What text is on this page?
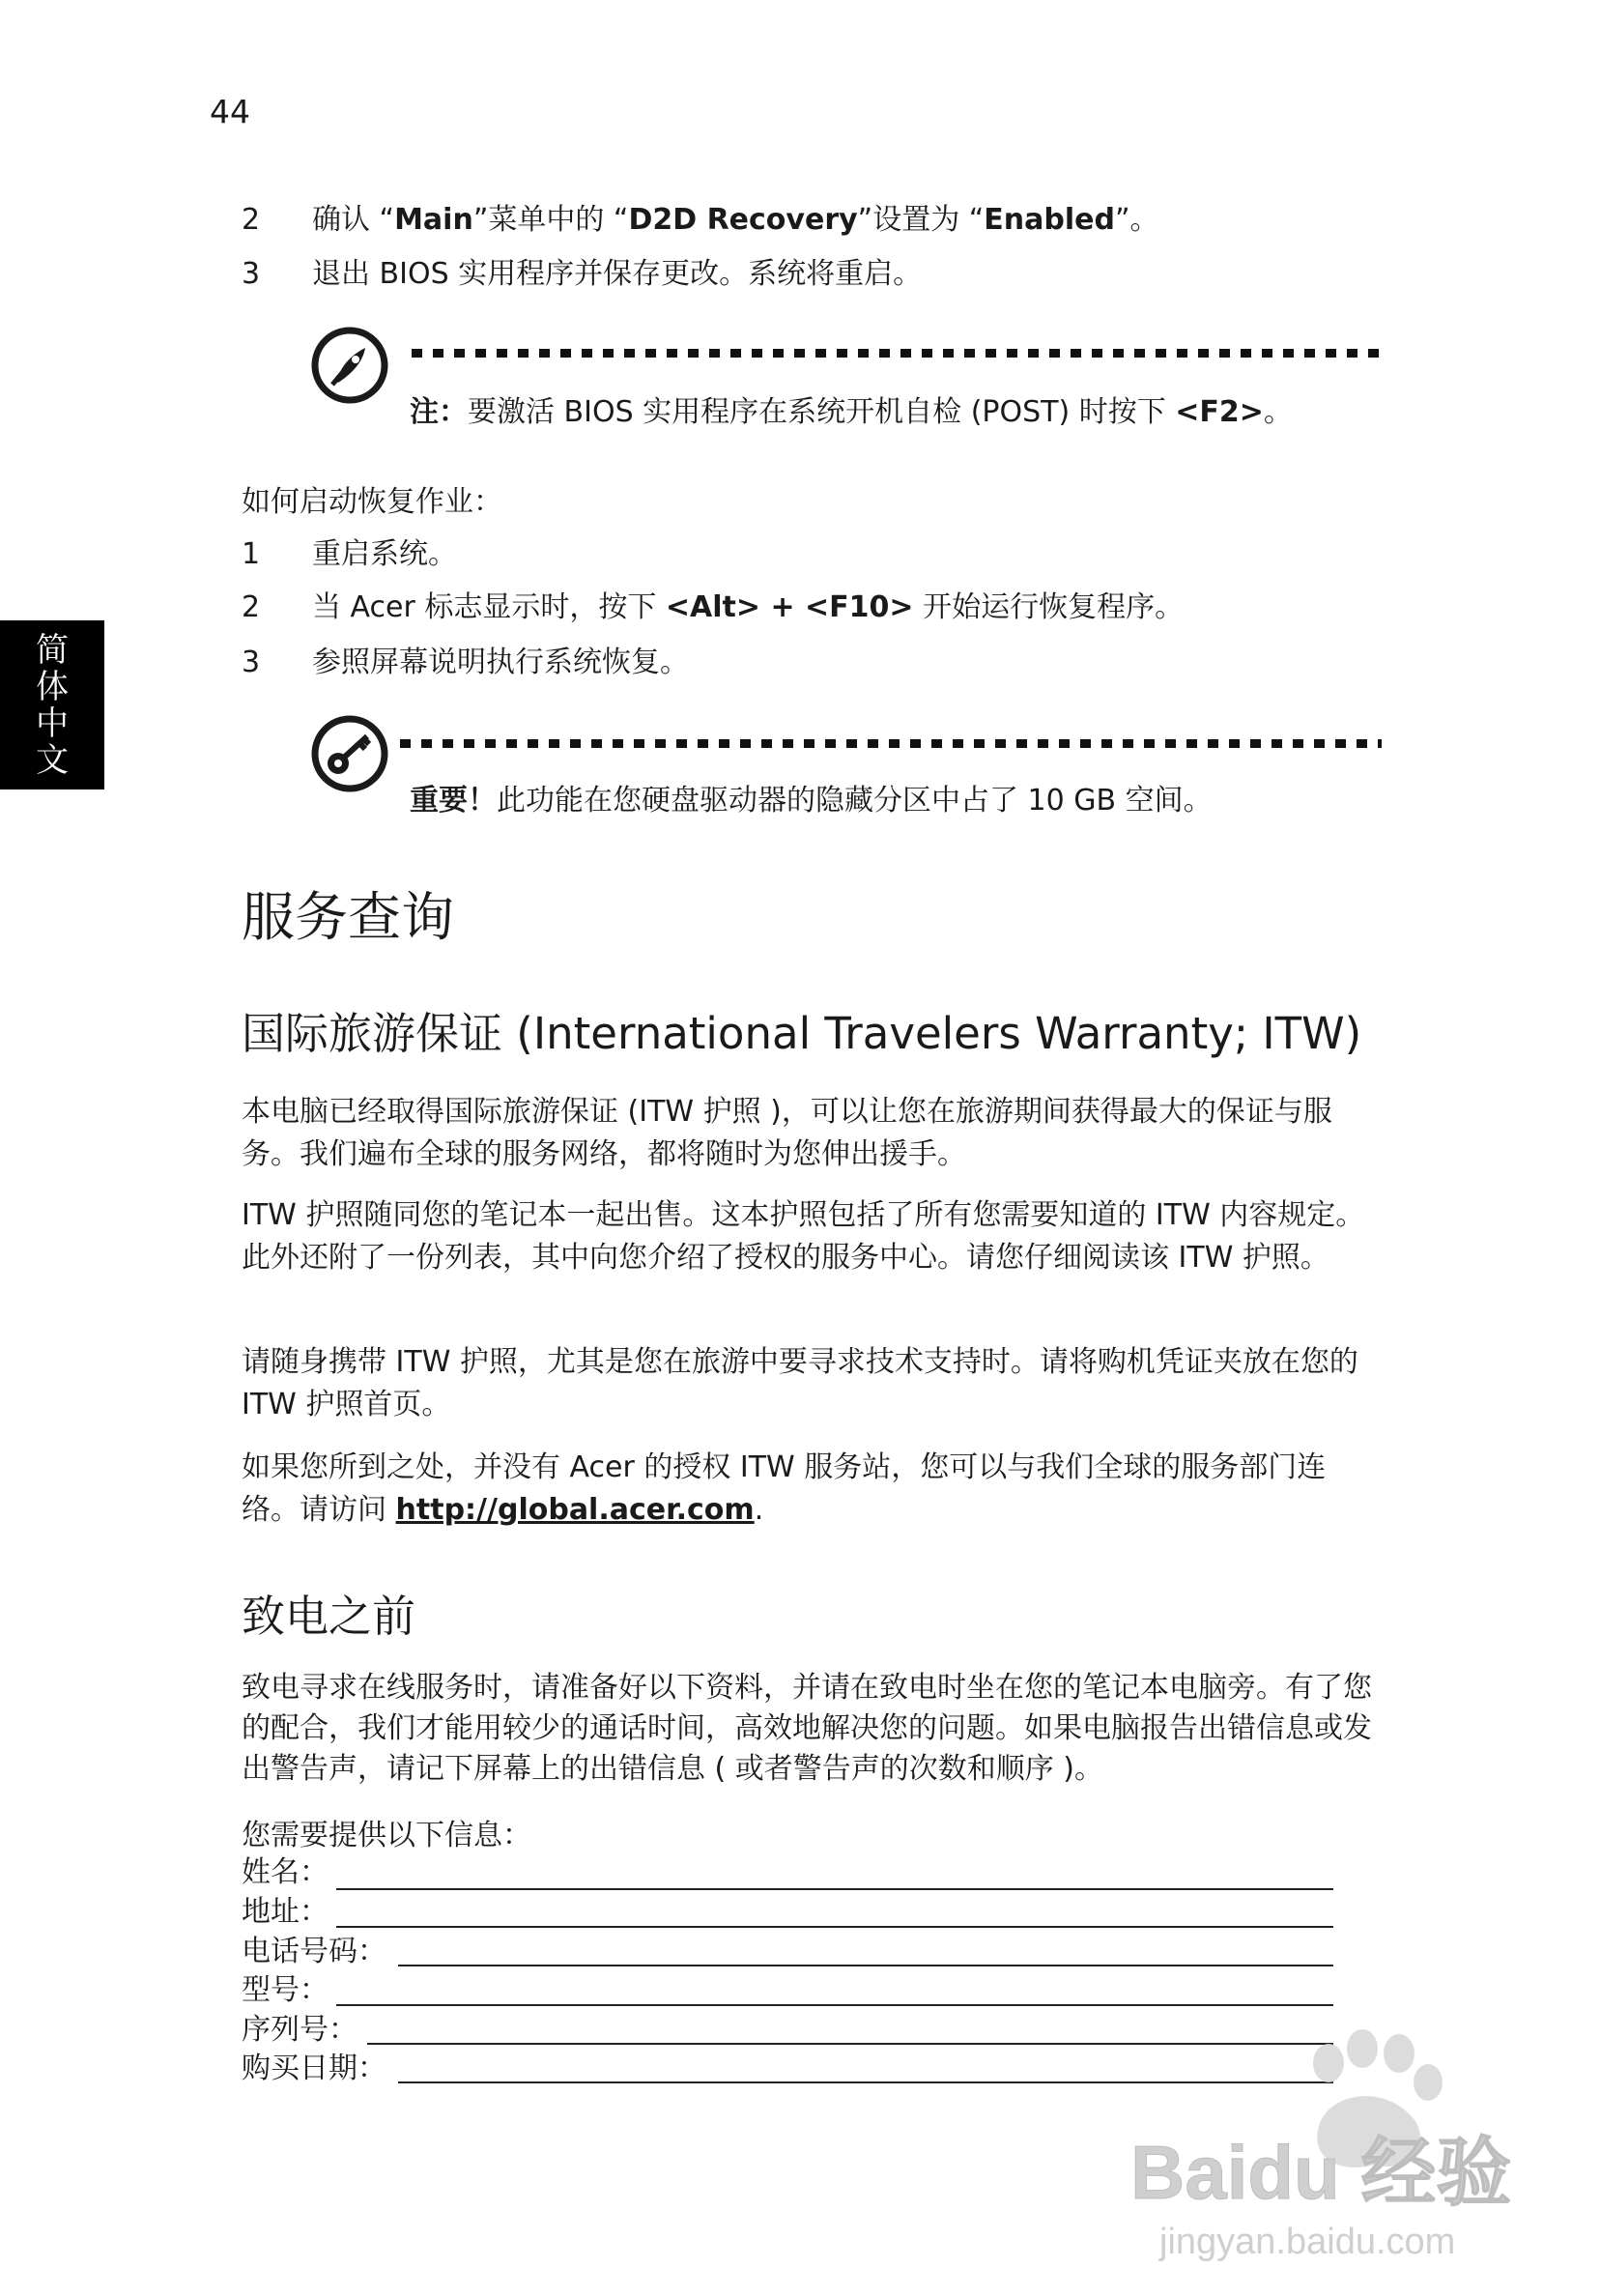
44
简
体
中
文
2 确认 “Main”菜单中的 “D2D Recovery”设置为 “Enabled”。
3 退出 BIOS 实用程序并保存更改。系统将重启。
注：要激活 BIOS 实用程序在系统开机自检 (POST) 时按下 <F2>。
如何启动恢复作业：
1 重启系统。
2 当 Acer 标志显示时，按下 <Alt> + <F10> 开始运行恢复程序。
3 参照屏幕说明执行系统恢复。
重要！此功能在您硬盘驱动器的隐藏分区中占了 10 GB 空间。
服务查询
国际旅游保证 (International Travelers Warranty; ITW)
本电脑已经取得国际旅游保证 (ITW 护照 )，可以让您在旅游期间获得最大的保证与服务。我们遍布全球的服务网络，都将随时为您伸出援手。
ITW 护照随同您的笔记本一起出售。这本护照包括了所有您需要知道的 ITW 内容规定。此外还附了一份列表，其中向您介绍了授权的服务中心。请您仔细阅读该 ITW 护照。
请随身携带 ITW 护照，尤其是您在旅游中要寻求技术支持时。请将购机凭证夹放在您的 ITW 护照首页。
如果您所到之处，并没有 Acer 的授权 ITW 服务站，您可以与我们全球的服务部门连络。请访问 http://global.acer.com.
致电之前
致电寻求在线服务时，请准备好以下资料，并请在致电时坐在您的笔记本电脑旁。有了您的配合，我们才能用较少的通话时间，高效地解决您的问题。如果电脑报告出错信息或发出警告声，请记下屏幕上的出错信息 ( 或者警告声的次数和顺序 )。
您需要提供以下信息：
姓名：
地址：
电话号码：
型号：
序列号：
购买日期：
Baidu 经验
jingyan.baidu.com
